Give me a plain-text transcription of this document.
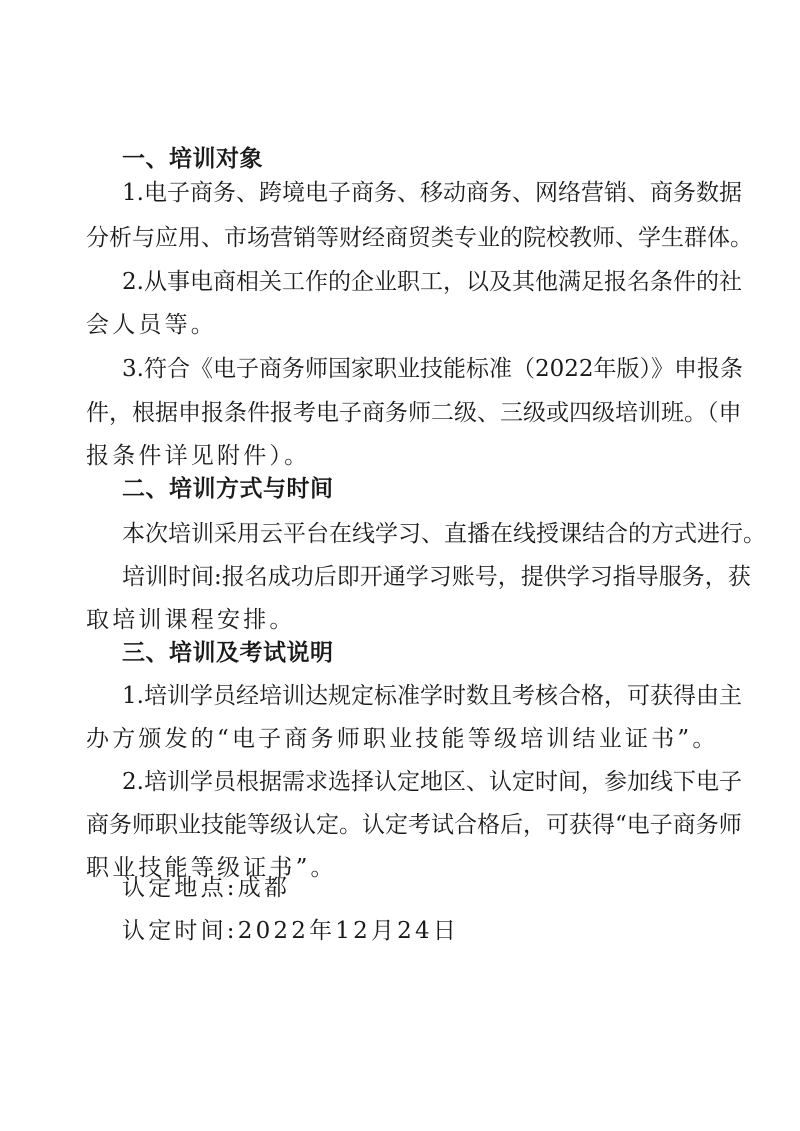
一、培训对象
1.电子商务、跨境电子商务、移动商务、网络营销、商务数据
分析与应用、市场营销等财经商贸类专业的院校教师、学生群体。
2.从事电商相关工作的企业职工，以及其他满足报名条件的社
会人员等。
3.符合《电子商务师国家职业技能标准（2022年版）》申报条
件，根据申报条件报考电子商务师二级、三级或四级培训班。（申
报条件详见附件）。
二、培训方式与时间
本次培训采用云平台在线学习、直播在线授课结合的方式进行。
培训时间:报名成功后即开通学习账号，提供学习指导服务，获
取培训课程安排。
三、培训及考试说明
1.培训学员经培训达规定标准学时数且考核合格，可获得由主
办方颁发的“电子商务师职业技能等级培训结业证书”。
2.培训学员根据需求选择认定地区、认定时间，参加线下电子
商务师职业技能等级认定。认定考试合格后，可获得“电子商务师
职业技能等级证书”。
认定地点:成都
认定时间:2022年12月24日
